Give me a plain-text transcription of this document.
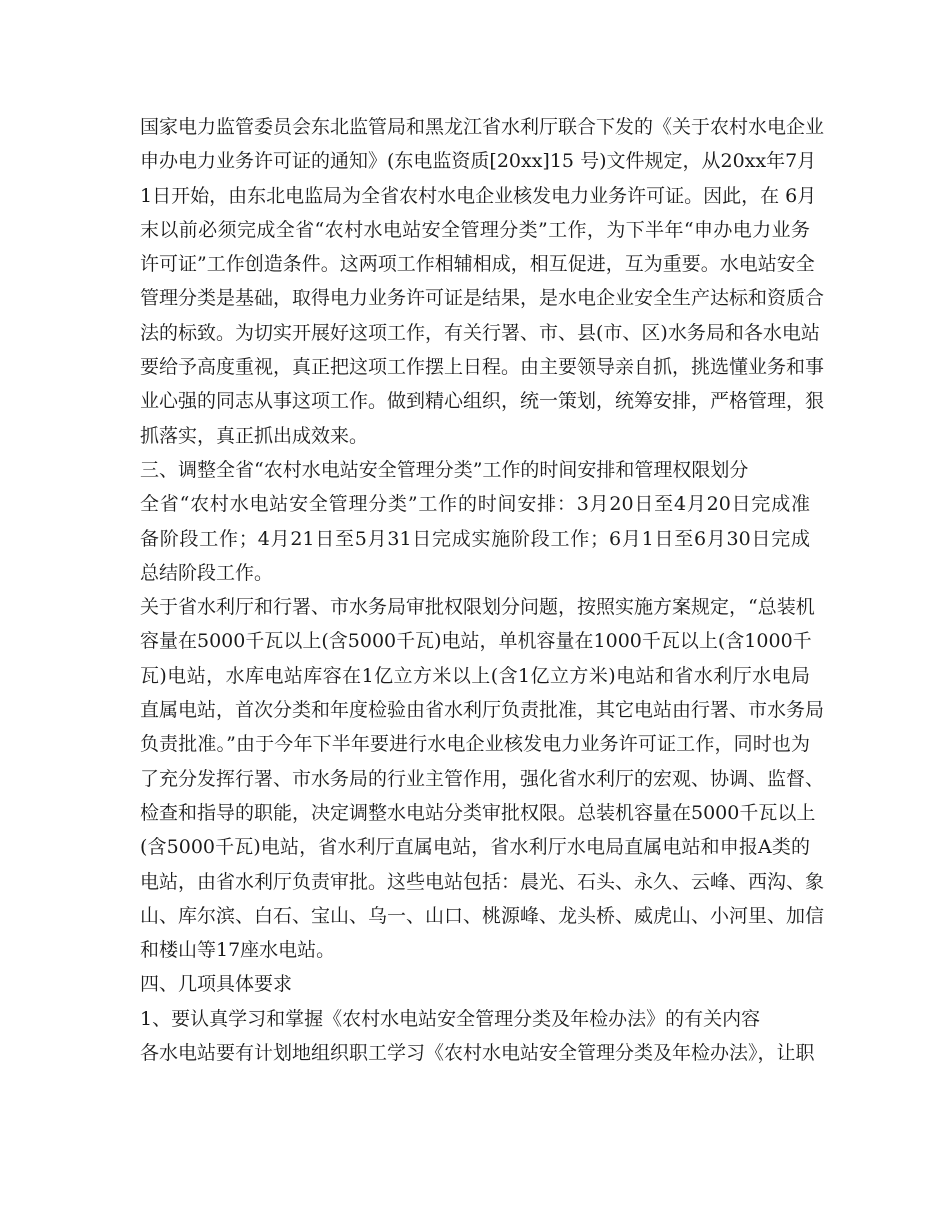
国家电力监管委员会东北监管局和黑龙江省水利厅联合下发的《关于农村水电企业
申办电力业务许可证的通知》(东电监资质[20xx]15 号)文件规定，从20xx年7月
1日开始，由东北电监局为全省农村水电企业核发电力业务许可证。因此，在 6月
末以前必须完成全省“农村水电站安全管理分类”工作，为下半年“申办电力业务
许可证”工作创造条件。这两项工作相辅相成，相互促进，互为重要。水电站安全
管理分类是基础，取得电力业务许可证是结果，是水电企业安全生产达标和资质合
法的标致。为切实开展好这项工作，有关行署、市、县(市、区)水务局和各水电站
要给予高度重视，真正把这项工作摆上日程。由主要领导亲自抓，挑选懂业务和事
业心强的同志从事这项工作。做到精心组织，统一策划，统筹安排，严格管理，狠
抓落实，真正抓出成效来。
三、调整全省“农村水电站安全管理分类”工作的时间安排和管理权限划分
全省“农村水电站安全管理分类”工作的时间安排：3月20日至4月20日完成准
备阶段工作；4月21日至5月31日完成实施阶段工作；6月1日至6月30日完成
总结阶段工作。
关于省水利厅和行署、市水务局审批权限划分问题，按照实施方案规定，“总装机
容量在5000千瓦以上(含5000千瓦)电站，单机容量在1000千瓦以上(含1000千
瓦)电站，水库电站库容在1亿立方米以上(含1亿立方米)电站和省水利厅水电局
直属电站，首次分类和年度检验由省水利厅负责批准，其它电站由行署、市水务局
负责批准。”由于今年下半年要进行水电企业核发电力业务许可证工作，同时也为
了充分发挥行署、市水务局的行业主管作用，强化省水利厅的宏观、协调、监督、
检查和指导的职能，决定调整水电站分类审批权限。总装机容量在5000千瓦以上
(含5000千瓦)电站，省水利厅直属电站，省水利厅水电局直属电站和申报A类的
电站，由省水利厅负责审批。这些电站包括：晨光、石头、永久、云峰、西沟、象
山、库尔滨、白石、宝山、乌一、山口、桃源峰、龙头桥、威虎山、小河里、加信
和楼山等17座水电站。
四、几项具体要求
1、要认真学习和掌握《农村水电站安全管理分类及年检办法》的有关内容
各水电站要有计划地组织职工学习《农村水电站安全管理分类及年检办法》，让职
